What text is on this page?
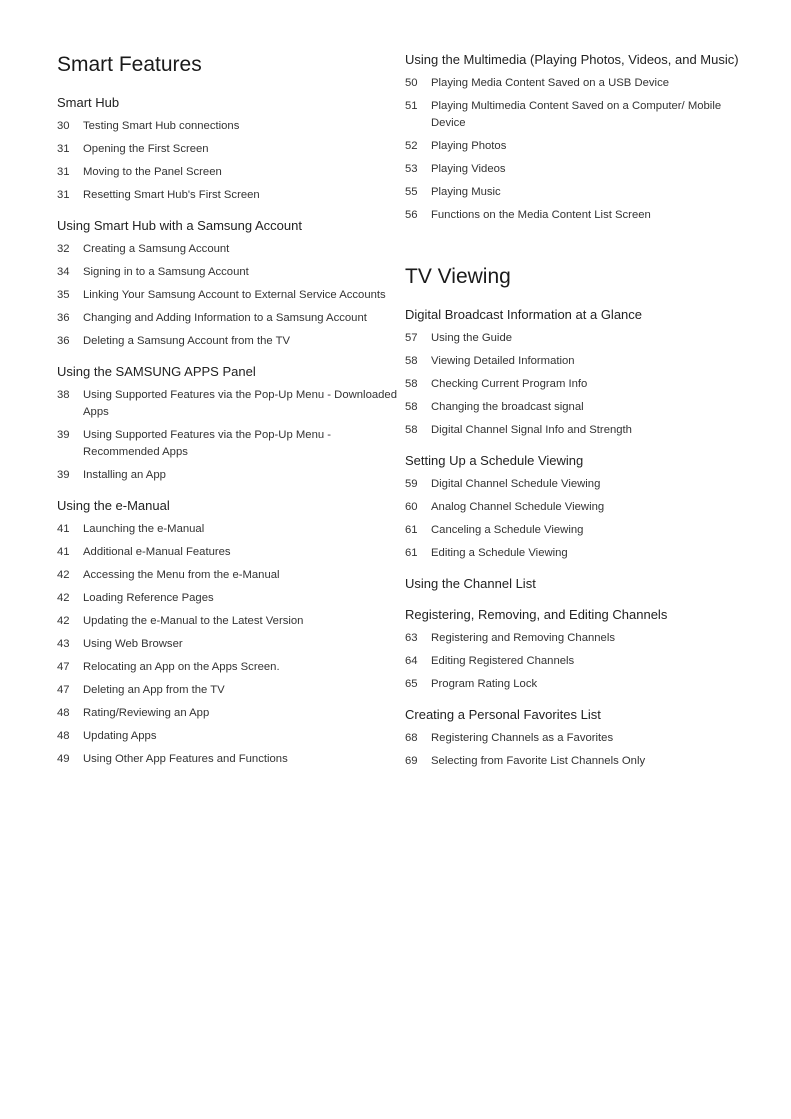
Smart Features
Smart Hub
30	Testing Smart Hub connections
31	Opening the First Screen
31	Moving to the Panel Screen
31	Resetting Smart Hub's First Screen
Using Smart Hub with a Samsung Account
32	Creating a Samsung Account
34	Signing in to a Samsung Account
35	Linking Your Samsung Account to External Service Accounts
36	Changing and Adding Information to a Samsung Account
36	Deleting a Samsung Account from the TV
Using the SAMSUNG APPS Panel
38	Using Supported Features via the Pop-Up Menu - Downloaded Apps
39	Using Supported Features via the Pop-Up Menu - Recommended Apps
39	Installing an App
Using the e-Manual
41	Launching the e-Manual
41	Additional e-Manual Features
42	Accessing the Menu from the e-Manual
42	Loading Reference Pages
42	Updating the e-Manual to the Latest Version
43	Using Web Browser
47	Relocating an App on the Apps Screen.
47	Deleting an App from the TV
48	Rating/Reviewing an App
48	Updating Apps
49	Using Other App Features and Functions
Using the Multimedia (Playing Photos, Videos, and Music)
50	Playing Media Content Saved on a USB Device
51	Playing Multimedia Content Saved on a Computer/ Mobile Device
52	Playing Photos
53	Playing Videos
55	Playing Music
56	Functions on the Media Content List Screen
TV Viewing
Digital Broadcast Information at a Glance
57	Using the Guide
58	Viewing Detailed Information
58	Checking Current Program Info
58	Changing the broadcast signal
58	Digital Channel Signal Info and Strength
Setting Up a Schedule Viewing
59	Digital Channel Schedule Viewing
60	Analog Channel Schedule Viewing
61	Canceling a Schedule Viewing
61	Editing a Schedule Viewing
Using the Channel List
Registering, Removing, and Editing Channels
63	Registering and Removing Channels
64	Editing Registered Channels
65	Program Rating Lock
Creating a Personal Favorites List
68	Registering Channels as a Favorites
69	Selecting from Favorite List Channels Only
